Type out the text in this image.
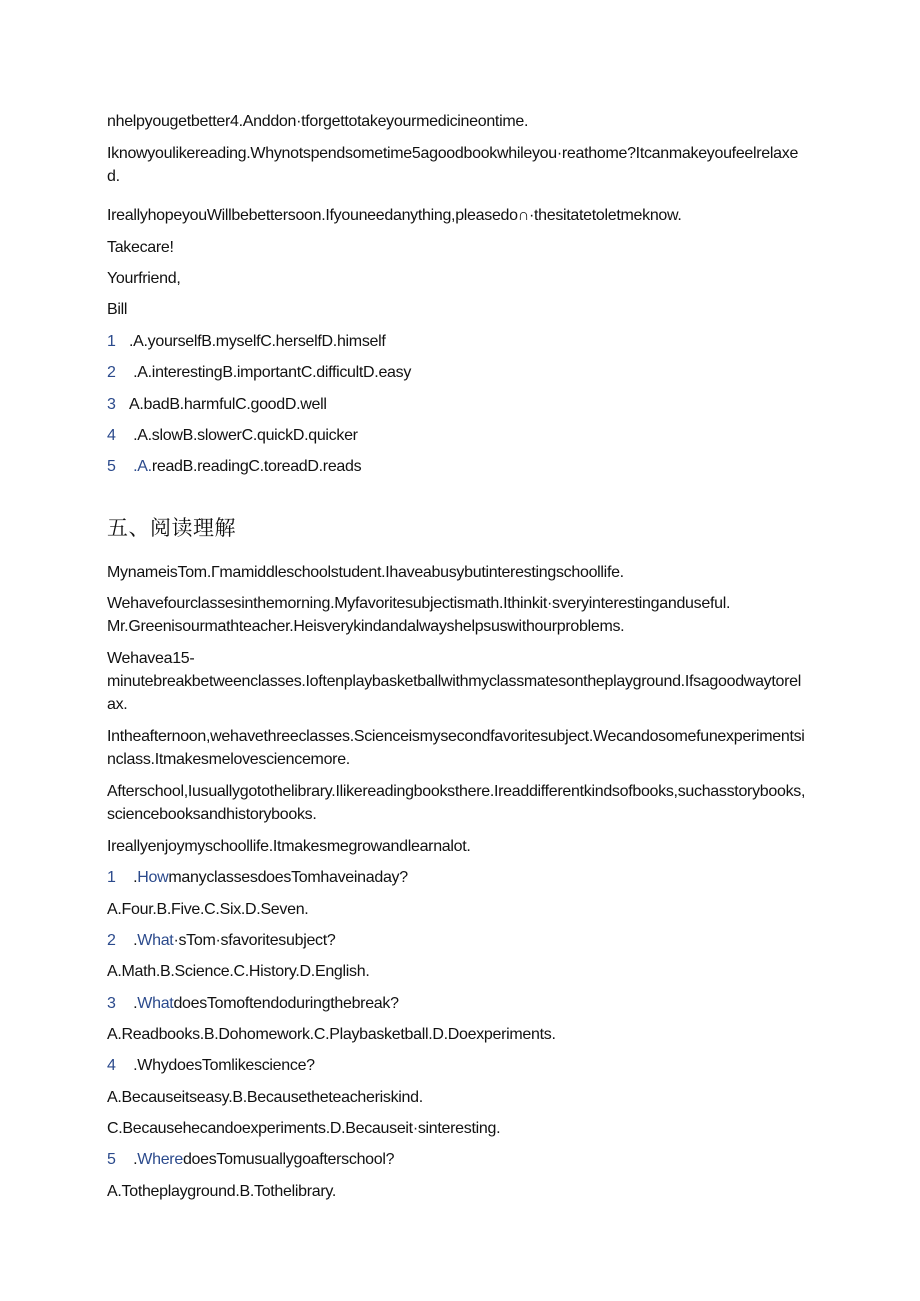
nhelpyougetbetter4.Anddon·tforgettotakeyourmedicineontime.
Iknowyoulikereading.Whynotspendsometime5agoodbookwhileyou·reathome?Itcanmakeyoufeelrelaxed.
IreallyhopeyouWillbebettersoon.Ifyouneedanything,pleasedo∩·thesitatetoletmeknow.
Takecare!
Yourfriend,
Bill
1 .A.yourselfB.myselfC.herselfD.himself
2 .A.interestingB.importantC.difficultD.easy
3 A.badB.harmfulC.goodD.well
4 .A.slowB.slowerC.quickD.quicker
5 .A.readB.readingC.toreadD.reads
五、阅读理解
MynameisTom.Гmamiddleschoolstudent.Ihaveabusybutinterestingschoollife.
Wehavefourclassesinthemorning.Myfavoritesubjectismath.Ithinkit·sveryinterestinganduseful.
Mr.Greenisourmathteacher.Heisverykindandalwayshelpsuswithourproblems.
Wehavea15-
minutebreakbetweenclasses.Ioftenplaybasketballwithmyclassmatesontheplayground.Ifsagoodwaytorelax.
Intheafternoon,wehavethreeclasses.Scienceismysecondfavoritesubject.Wecandosomefunexperimentsinclass.Itmakesmelovesciencemore.
Afterschool,Iusuallygotothelibrary.Ilikereadingbooksthere.Ireaddifferentkindsofbooks,suchasstorybooks,sciencebooksandhistorybooks.
Ireallyenjoymyschoollife.Itmakesmegrowandlearnalot.
1 .HowmanyclassesdoesTomhaveinaday?
A.Four.B.Five.C.Six.D.Seven.
2 .What·sTom·sfavoritesubject?
A.Math.B.Science.C.History.D.English.
3 .WhatdoesTomoftendoduringthebreak?
A.Readbooks.B.Dohomework.C.Playbasketball.D.Doexperiments.
4 .WhydoesTomlikescience?
A.Becauseitseasy.B.Becausetheteacheriskind.
C.Becausehecandoexperiments.D.Becauseit·sinteresting.
5 .WheredoesTomusuallygoafterschool?
A.Totheplayground.B.Tothelibrary.
